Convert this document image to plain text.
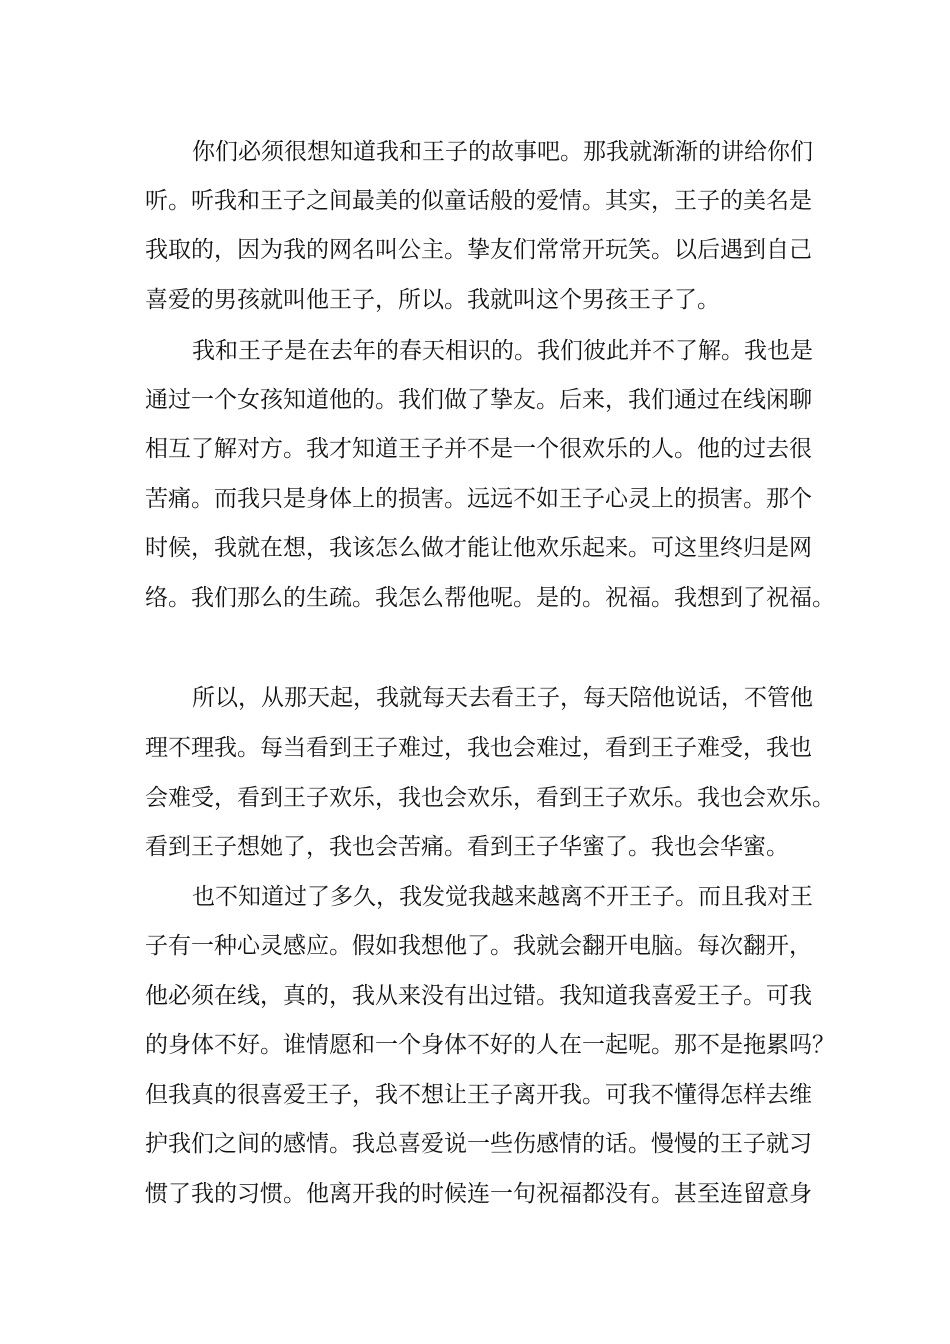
你们必须很想知道我和王子的故事吧。那我就渐渐的讲给你们

听。听我和王子之间最美的似童话般的爱情。其实，王子的美名是

我取的，因为我的网名叫公主。挚友们常常开玩笑。以后遇到自己

喜爱的男孩就叫他王子，所以。我就叫这个男孩王子了。

我和王子是在去年的春天相识的。我们彼此并不了解。我也是

通过一个女孩知道他的。我们做了挚友。后来，我们通过在线闲聊

相互了解对方。我才知道王子并不是一个很欢乐的人。他的过去很

苦痛。而我只是身体上的损害。远远不如王子心灵上的损害。那个

时候，我就在想，我该怎么做才能让他欢乐起来。可这里终归是网

络。我们那么的生疏。我怎么帮他呢。是的。祝福。我想到了祝福。

所以，从那天起，我就每天去看王子，每天陪他说话，不管他

理不理我。每当看到王子难过，我也会难过，看到王子难受，我也

会难受，看到王子欢乐，我也会欢乐，看到王子欢乐。我也会欢乐。

看到王子想她了，我也会苦痛。看到王子华蜜了。我也会华蜜。

也不知道过了多久，我发觉我越来越离不开王子。而且我对王

子有一种心灵感应。假如我想他了。我就会翻开电脑。每次翻开，

他必须在线，真的，我从来没有出过错。我知道我喜爱王子。可我

的身体不好。谁情愿和一个身体不好的人在一起呢。那不是拖累吗？

但我真的很喜爱王子，我不想让王子离开我。可我不懂得怎样去维

护我们之间的感情。我总喜爱说一些伤感情的话。慢慢的王子就习

惯了我的习惯。他离开我的时候连一句祝福都没有。甚至连留意身
